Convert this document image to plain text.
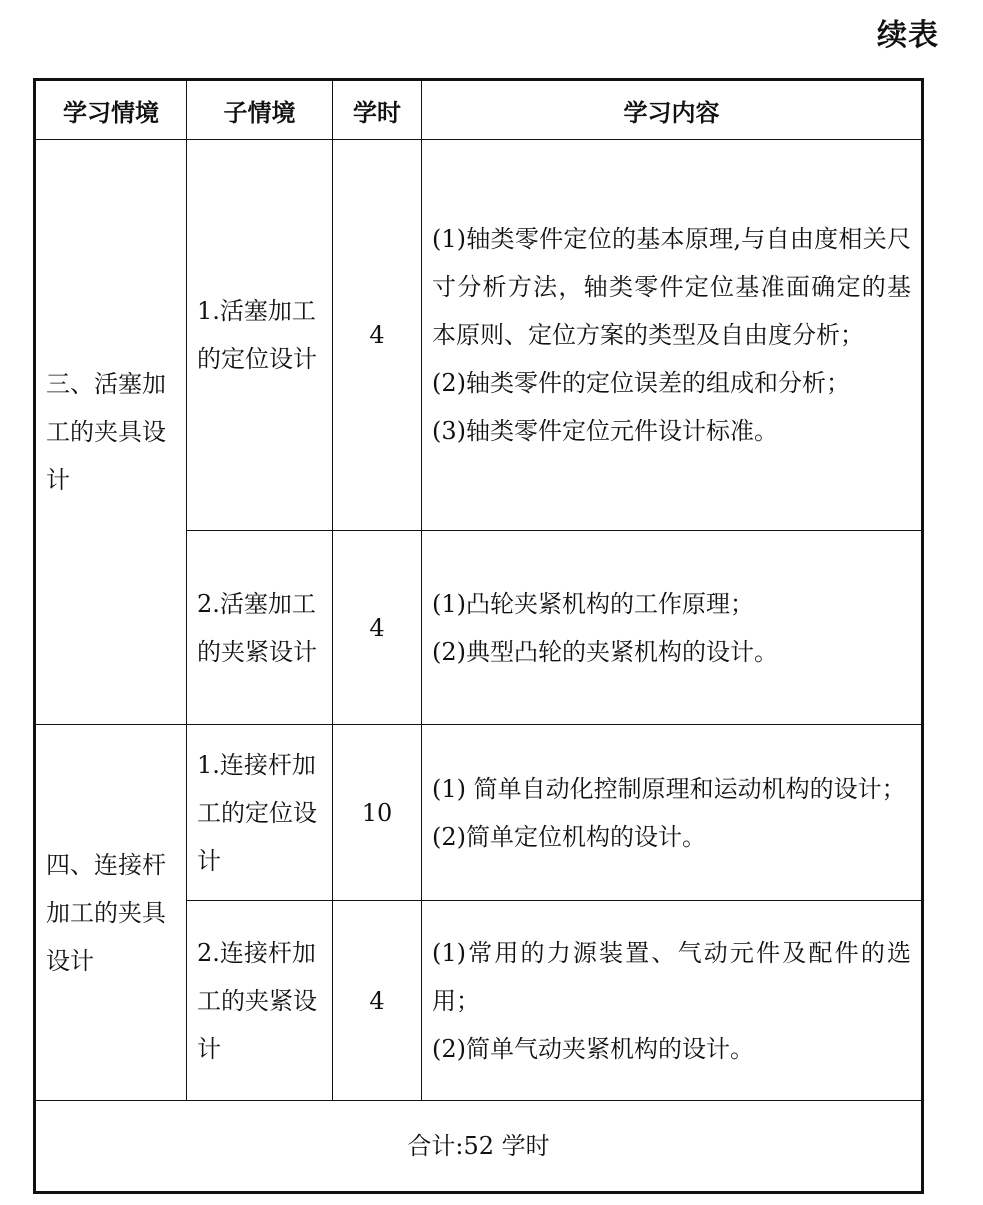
续表
学习情境	子情境	学时	学习内容
三、活塞加工的夹具设计	1.活塞加工的定位设计	4	(1)轴类零件定位的基本原理,与自由度相关尺寸分析方法，轴类零件定位基准面确定的基本原则、定位方案的类型及自由度分析；
(2)轴类零件的定位误差的组成和分析；
(3)轴类零件定位元件设计标准。

	2.活塞加工的夹紧设计	4	(1)凸轮夹紧机构的工作原理；
(2)典型凸轮的夹紧机构的设计。

四、连接杆加工的夹具设计	1.连接杆加工的定位设计	10	(1) 简单自动化控制原理和运动机构的设计；
(2)简单定位机构的设计。

	2.连接杆加工的夹紧设计	4	(1)常用的力源装置、气动元件及配件的选用；
(2)简单气动夹紧机构的设计。

合计:52 学时			
